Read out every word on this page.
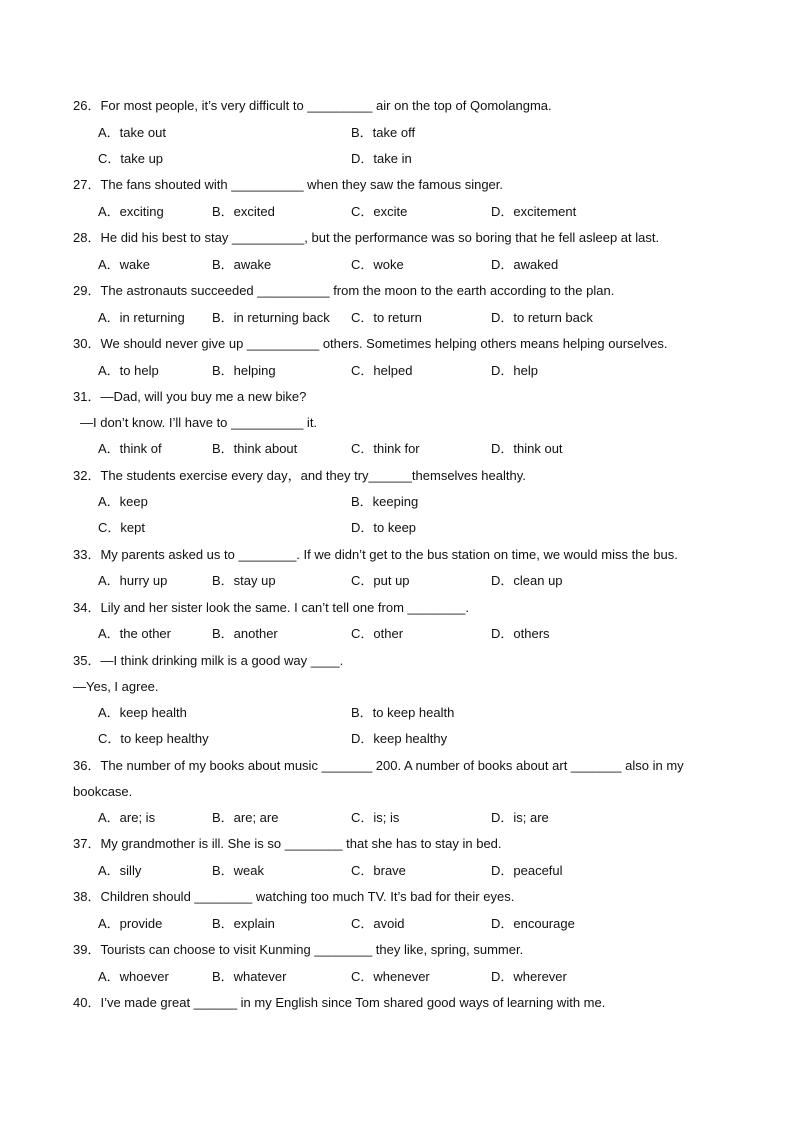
26．For most people, it’s very difficult to _________ air on the top of Qomolangma.
A．take out	B．take off
C．take up	D．take in
27．The fans shouted with __________ when they saw the famous singer.
A．exciting	B．excited	C．excite	D．excitement
28．He did his best to stay __________, but the performance was so boring that he fell asleep at last.
A．wake	B．awake	C．woke	D．awaked
29．The astronauts succeeded __________ from the moon to the earth according to the plan.
A．in returning B．in returning back C．to return	D．to return back
30．We should never give up __________ others. Sometimes helping others means helping ourselves.
A．to help	B．helping	C．helped	D．help
31．—Dad, will you buy me a new bike?
—I don’t know. I’ll have to __________ it.
A．think of	B．think about	C．think for	D．think out
32．The students exercise every day，and they try______themselves healthy.
A．keep	B．keeping
C．kept	D．to keep
33．My parents asked us to ________. If we didn’t get to the bus station on time, we would miss the bus.
A．hurry up	B．stay up	C．put up	D．clean up
34．Lily and her sister look the same. I can’t tell one from ________.
A．the other	B．another	C．other	D．others
35．—I think drinking milk is a good way ____.
—Yes, I agree.
A．keep health	B．to keep health
C．to keep healthy	D．keep healthy
36．The number of my books about music _______ 200. A number of books about art _______ also in my
bookcase.
A．are; is	B．are; are	C．is; is	D．is; are
37．My grandmother is ill. She is so ________ that she has to stay in bed.
A．silly	B．weak	C．brave	D．peaceful
38．Children should ________ watching too much TV. It’s bad for their eyes.
A．provide	B．explain	C．avoid	D．encourage
39．Tourists can choose to visit Kunming ________ they like, spring, summer.
A．whoever	B．whatever	C．whenever	D．wherever
40．I’ve made great ______ in my English since Tom shared good ways of learning with me.
